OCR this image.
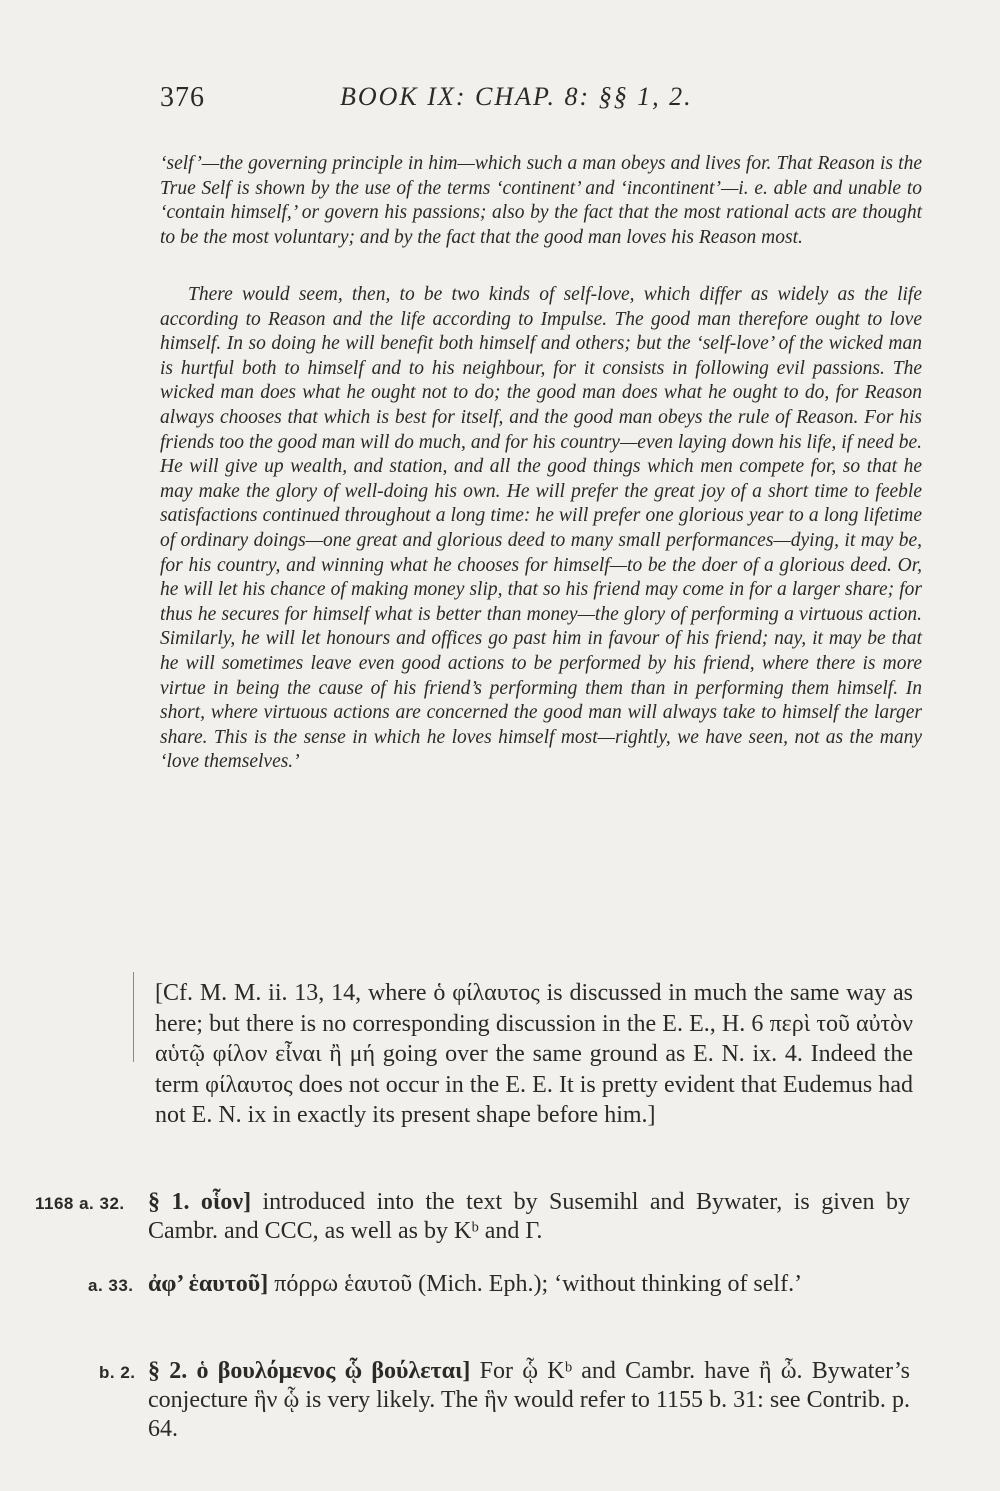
376	BOOK IX: CHAP. 8: §§ 1, 2.

‘self’—the governing principle in him—which such a man obeys and lives for. That Reason is the True Self is shown by the use of the terms ‘continent’ and ‘incontinent’—i. e. able and unable to ‘contain himself,’ or govern his passions; also by the fact that the most rational acts are thought to be the most voluntary; and by the fact that the good man loves his Reason most.

There would seem, then, to be two kinds of self-love, which differ as widely as the life according to Reason and the life according to Impulse. The good man therefore ought to love himself. In so doing he will benefit both himself and others; but the ‘self-love’ of the wicked man is hurtful both to himself and to his neighbour, for it consists in following evil passions. The wicked man does what he ought not to do; the good man does what he ought to do, for Reason always chooses that which is best for itself, and the good man obeys the rule of Reason. For his friends too the good man will do much, and for his country—even laying down his life, if need be. He will give up wealth, and station, and all the good things which men compete for, so that he may make the glory of well-doing his own. He will prefer the great joy of a short time to feeble satisfactions continued throughout a long time: he will prefer one glorious year to a long lifetime of ordinary doings—one great and glorious deed to many small performances—dying, it may be, for his country, and winning what he chooses for himself—to be the doer of a glorious deed. Or, he will let his chance of making money slip, that so his friend may come in for a larger share; for thus he secures for himself what is better than money—the glory of performing a virtuous action. Similarly, he will let honours and offices go past him in favour of his friend; nay, it may be that he will sometimes leave even good actions to be performed by his friend, where there is more virtue in being the cause of his friend’s performing them than in performing them himself. In short, where virtuous actions are concerned the good man will always take to himself the larger share. This is the sense in which he loves himself most—rightly, we have seen, not as the many ‘love themselves.’

[Cf. M. M. ii. 13, 14, where ὁ φίλαυτος is discussed in much the same way as here; but there is no corresponding discussion in the E. E., H. 6 περὶ τοῦ αὐτὸν αὑτῷ φίλον εἶναι ἢ μή going over the same ground as E. N. ix. 4. Indeed the term φίλαυτος does not occur in the E. E. It is pretty evident that Eudemus had not E. N. ix in exactly its present shape before him.]

1168 a. 32. § 1. οἷον] introduced into the text by Susemihl and Bywater, is given by Cambr. and CCC, as well as by Kᵇ and Γ.

a. 33. ἀφ’ ἑαυτοῦ] πόρρω ἑαυτοῦ (Mich. Eph.); ‘without thinking of self.’

b. 2. § 2. ὁ βουλόμενος ᾧ βούλεται] For ᾧ Kᵇ and Cambr. have ἢ ὦ. Bywater’s conjecture ἣν ᾧ is very likely. The ἣν would refer to 1155 b. 31: see Contrib. p. 64.
